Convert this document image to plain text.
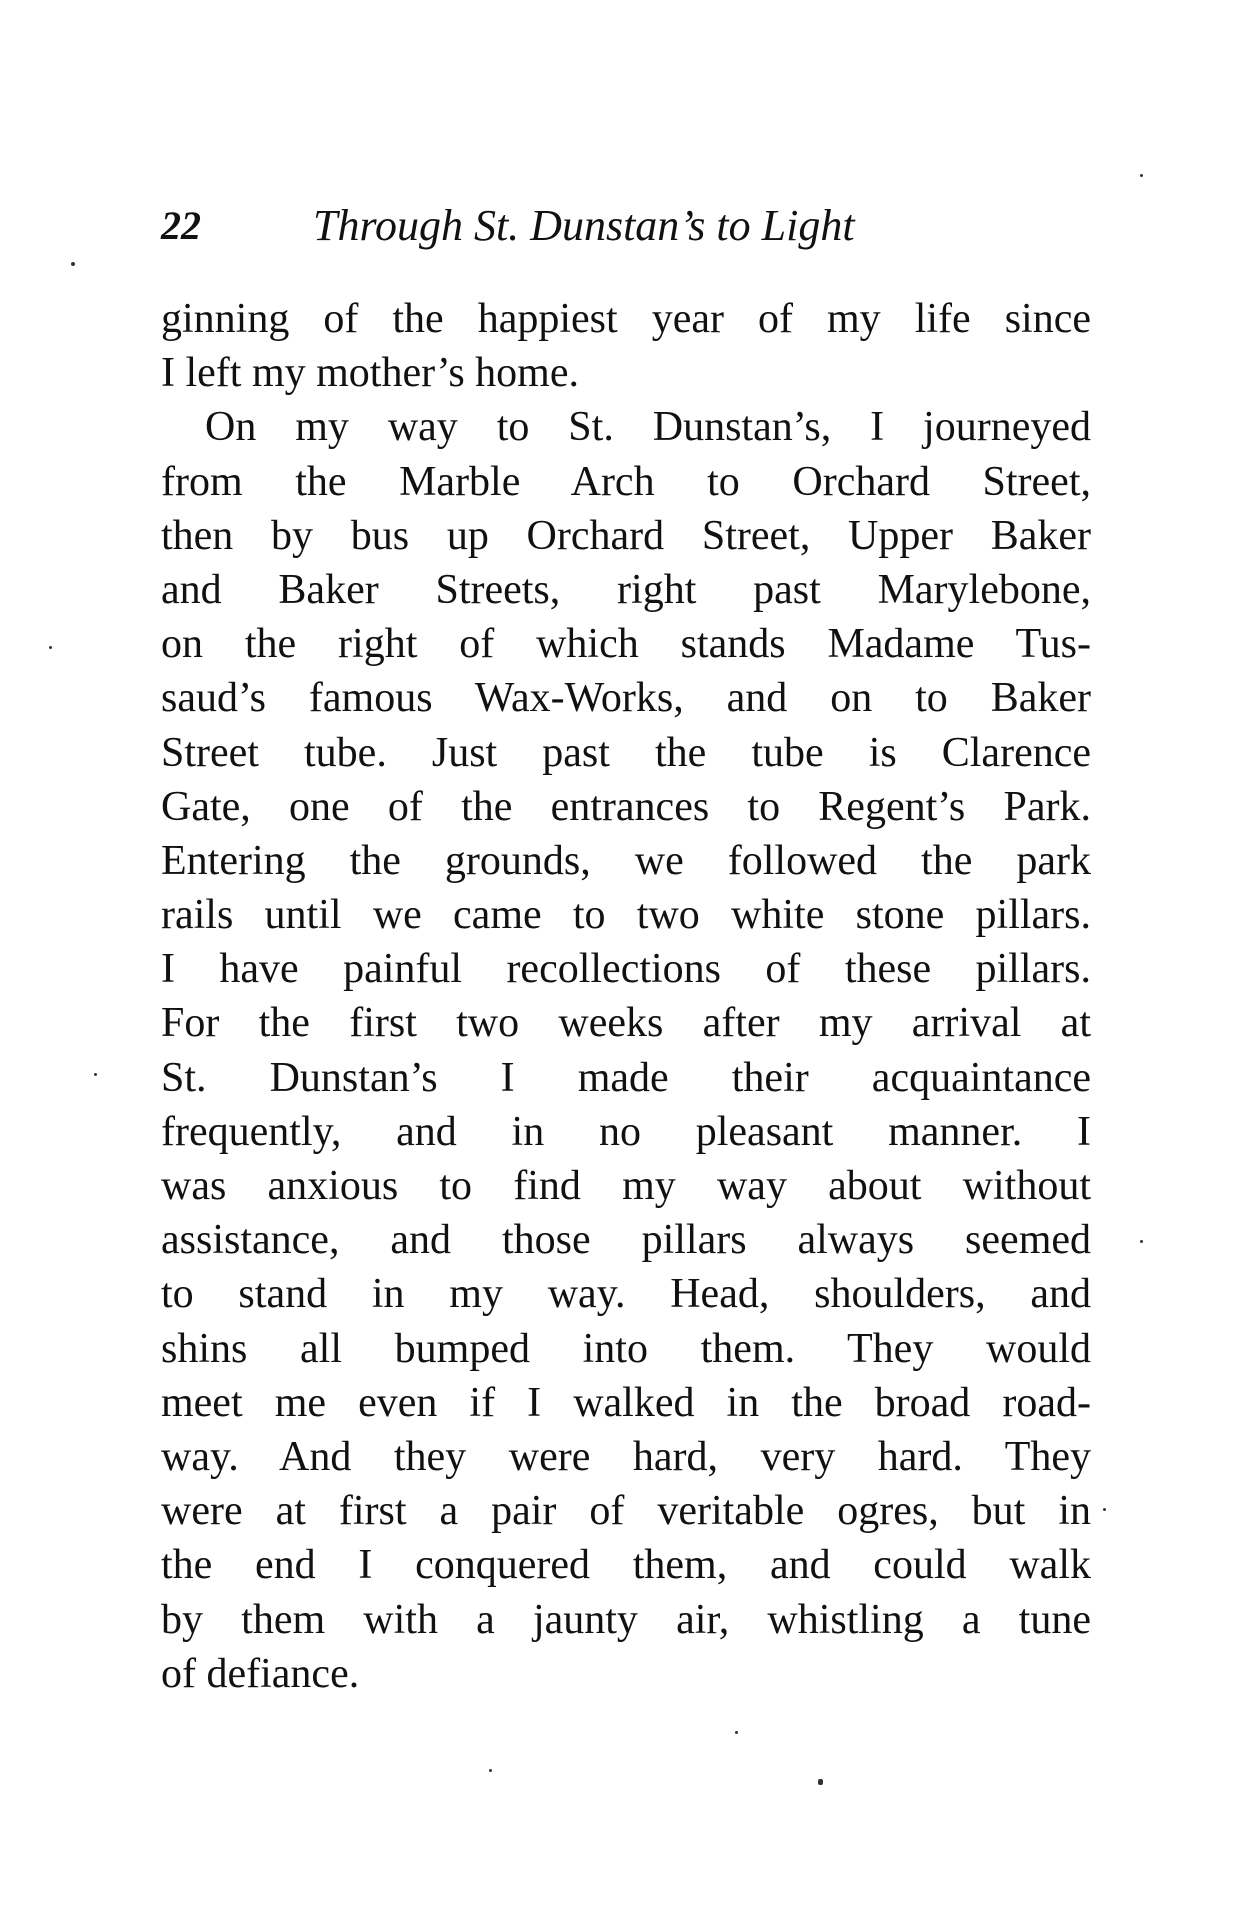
22	Through St. Dunstan’s to Light
ginning of the happiest year of my life since
I left my mother’s home.
On my way to St. Dunstan’s, I journeyed
from the Marble Arch to Orchard Street,
then by bus up Orchard Street, Upper Baker
and Baker Streets, right past Marylebone,
on the right of which stands Madame Tus-
saud’s famous Wax-Works, and on to Baker
Street tube. Just past the tube is Clarence
Gate, one of the entrances to Regent’s Park.
Entering the grounds, we followed the park
rails until we came to two white stone pillars.
I have painful recollections of these pillars.
For the first two weeks after my arrival at
St. Dunstan’s I made their acquaintance
frequently, and in no pleasant manner. I
was anxious to find my way about without
assistance, and those pillars always seemed
to stand in my way. Head, shoulders, and
shins all bumped into them. They would
meet me even if I walked in the broad road-
way. And they were hard, very hard. They
were at first a pair of veritable ogres, but in
the end I conquered them, and could walk
by them with a jaunty air, whistling a tune
of defiance.
